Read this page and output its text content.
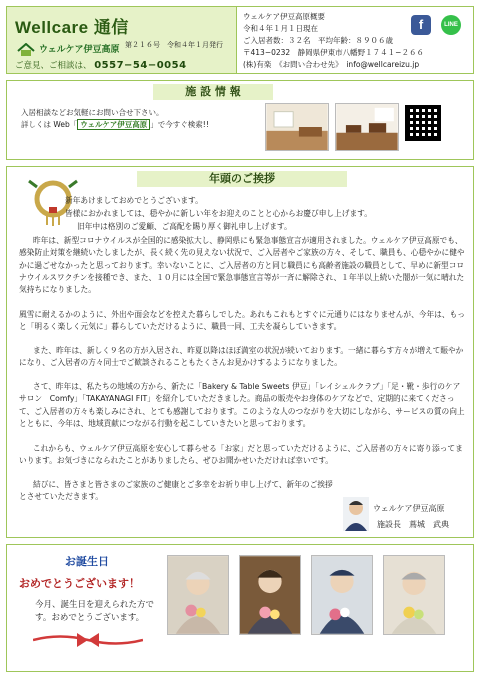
Wellcare 通信
ウェルケア伊豆高原 第２１６号　令和４年１月発行
ご意見、ご相談は、 0557−54−0054
ウェルケア伊豆高原概要
令和４年１月１日現在
ご入居者数：３２名　平均年齢：８９０６歳
〒413−0232　静岡県伊東市八幡野１７４１−２６６
(株)有楽　《お問い合わせ先》　info@wellcareizu.jp
f	LINE
施 設 情 報
入居相談などお気軽にお問い合せ下さい。
詳しくは Web「 ウェルケア伊豆高原 」で今すぐ検索!!
年頭のご挨拶
新年あけましておめでとうございます。
皆様におかれましては、穏やかに新しい年をお迎えのことと心からお慶び申し上げます。
旧年中は格別のご愛顧、ご高配を賜り厚く御礼申し上げます。
昨年は、新型コロナウイルスが全国的に感染拡大し、静岡県にも緊急事態宣言が適用されました。ウェルケア伊豆高原でも、感染防止対策を継続いたしましたが、長く続く先の見えない状況で、ご入居者やご家族の方々、そして、職員も、心穏やかに健やかに過ごせなかったと思っております。幸いないことに、ご入居者の方と同じ職員にも高齢者施設の職員として、早めに新型コロナウイルスワクチンを接種でき、また、１０月には全国で緊急事態宣言等が一斉に解除され、１年半以上続いた闇が一気に晴れた気持ちになりました。
風雪に耐えるかのように、外出や面会などを控えた暮らしでした。あれもこれもとすぐに元通りにはなりませんが、今年は、もっと「明るく楽しく元気に」暮らしていただけるように、職員一同、工夫を凝らしていきます。
また、昨年は、新しく９名の方が入居され、昨夏以降はほぼ満室の状況が続いております。一緒に暮らす方々が増えて賑やかになり、ご入居者の方々同士でご歓談されることもたくさんお見かけするようになりました。
さて、昨年は、私たちの地域の方から、新たに「Bakery & Table Sweets 伊豆」「レイシェルクラブ」「足・靴・歩行のケアサロン　Comfy」「TAKAYANAGI FIT」を紹介していただきました。商品の販売やお身体のケアなどで、定期的に来てくださって、ご入居者の方々も楽しみにされ、とても感謝しております。このような人のつながりを大切にしながら、サービスの質の向上とともに、今年は、地域貢献につながる行動を起こしていきたいと思っております。
これからも、ウェルケア伊豆高原を安心して暮らせる「お家」だと思っていただけるように、ご入居者の方々に寄り添ってまいります。お気づきになられたことがありましたら、ぜひお聞かせいただければ幸いです。
結びに、皆さまと皆さまのご家族のご健康とご多幸をお祈り申し上げて、新年のご挨拶とさせていただきます。
ウェルケア伊豆高原
施設長　蔦城　武典
お誕生日
おめでとうございます！
今月、誕生日を迎えられた方で
す。おめでとうございます。
